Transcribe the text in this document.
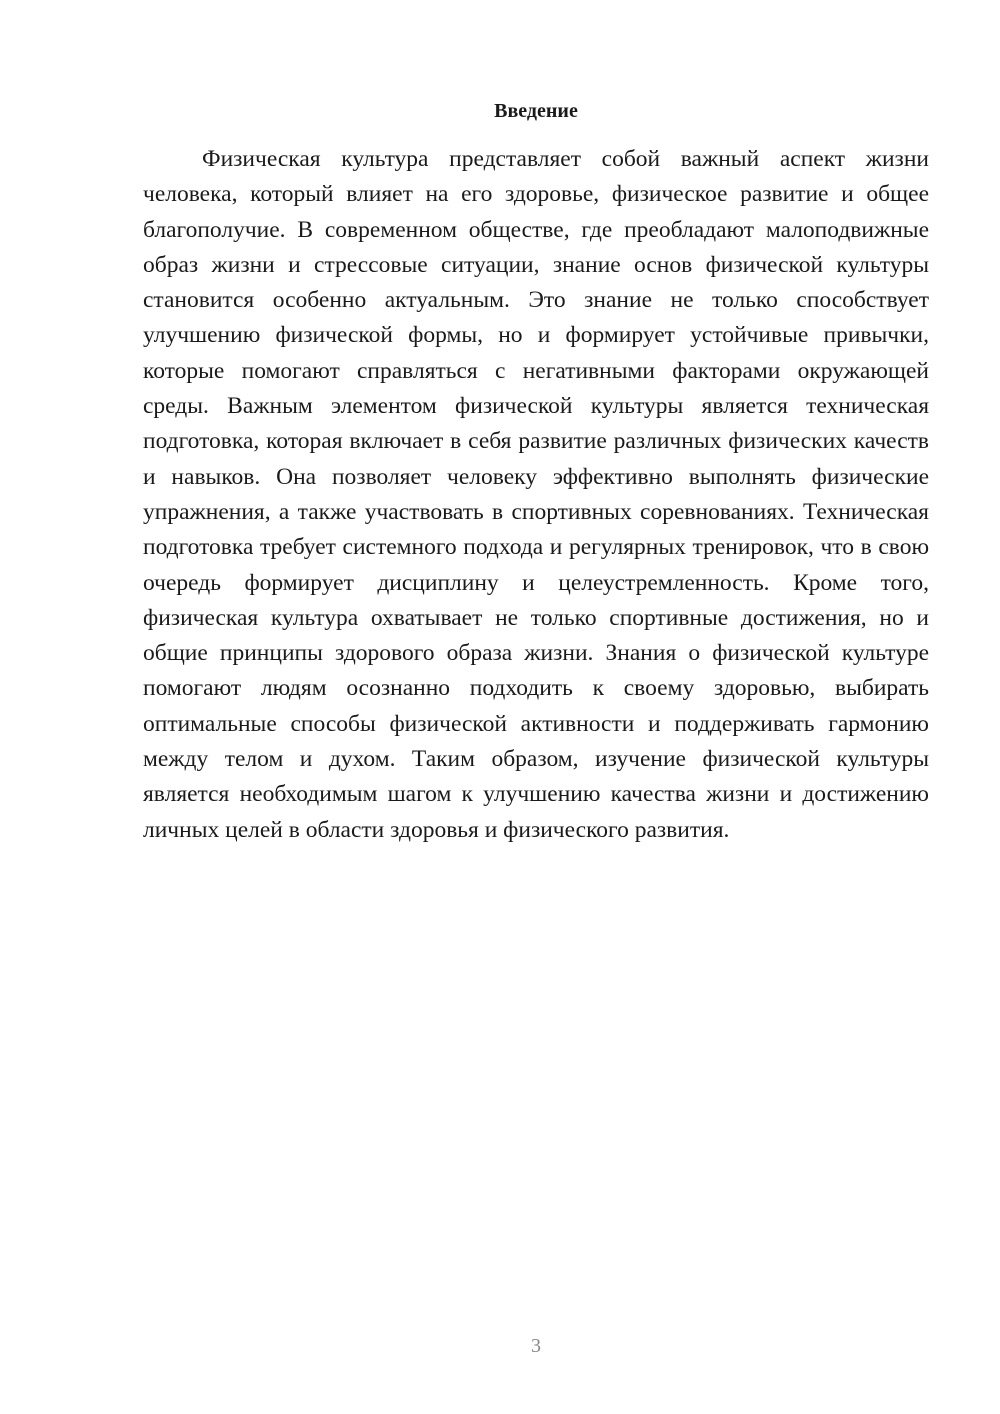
Введение

Физическая культура представляет собой важный аспект жизни человека, который влияет на его здоровье, физическое развитие и общее благополучие. В современном обществе, где преобладают малоподвижные образ жизни и стрессовые ситуации, знание основ физической культуры становится особенно актуальным. Это знание не только способствует улучшению физической формы, но и формирует устойчивые привычки, которые помогают справляться с негативными факторами окружающей среды. Важным элементом физической культуры является техническая подготовка, которая включает в себя развитие различных физических качеств и навыков. Она позволяет человеку эффективно выполнять физические упражнения, а также участвовать в спортивных соревнованиях. Техническая подготовка требует системного подхода и регулярных тренировок, что в свою очередь формирует дисциплину и целеустремленность. Кроме того, физическая культура охватывает не только спортивные достижения, но и общие принципы здорового образа жизни. Знания о физической культуре помогают людям осознанно подходить к своему здоровью, выбирать оптимальные способы физической активности и поддерживать гармонию между телом и духом. Таким образом, изучение физической культуры является необходимым шагом к улучшению качества жизни и достижению личных целей в области здоровья и физического развития.

3
